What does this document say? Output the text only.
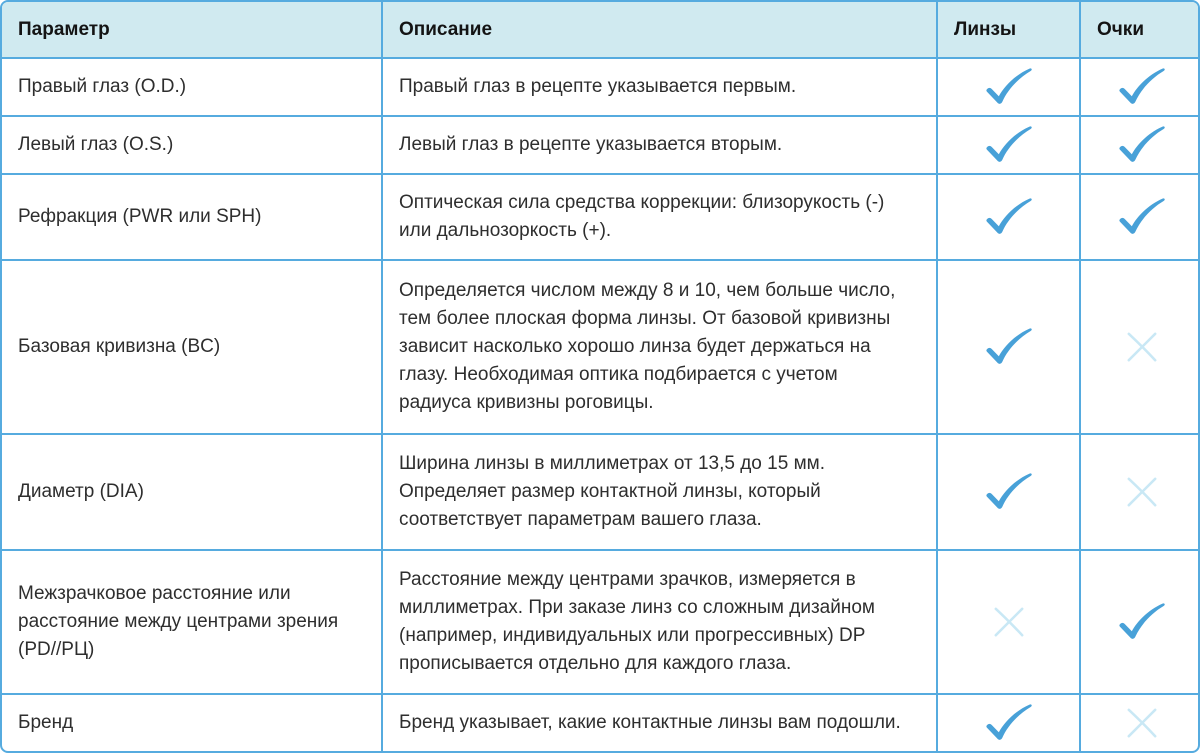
Параметр	Описание	Линзы	Очки
Правый глаз (O.D.)	Правый глаз в рецепте указывается первым.		
Левый глаз (O.S.)	Левый глаз в рецепте указывается вторым.		
Рефракция (PWR или SPH)	Оптическая сила средства коррекции: близорукость (-) или дальнозоркость (+).		
Базовая кривизна (BC)	Определяется числом между 8 и 10, чем больше число, тем более плоская форма линзы. От базовой кривизны зависит насколько хорошо линза будет держаться на глазу. Необходимая оптика подбирается с учетом радиуса кривизны роговицы.		
Диаметр (DIA)	Ширина линзы в миллиметрах от 13,5 до 15 мм. Определяет размер контактной линзы, который соответствует параметрам вашего глаза.		
Межзрачковое расстояние или расстояние между центрами зрения (PD//РЦ)	Расстояние между центрами зрачков, измеряется в миллиметрах. При заказе линз со сложным дизайном (например, индивидуальных или прогрессивных) DP прописывается отдельно для каждого глаза.		
Бренд	Бренд указывает, какие контактные линзы вам подошли.		
